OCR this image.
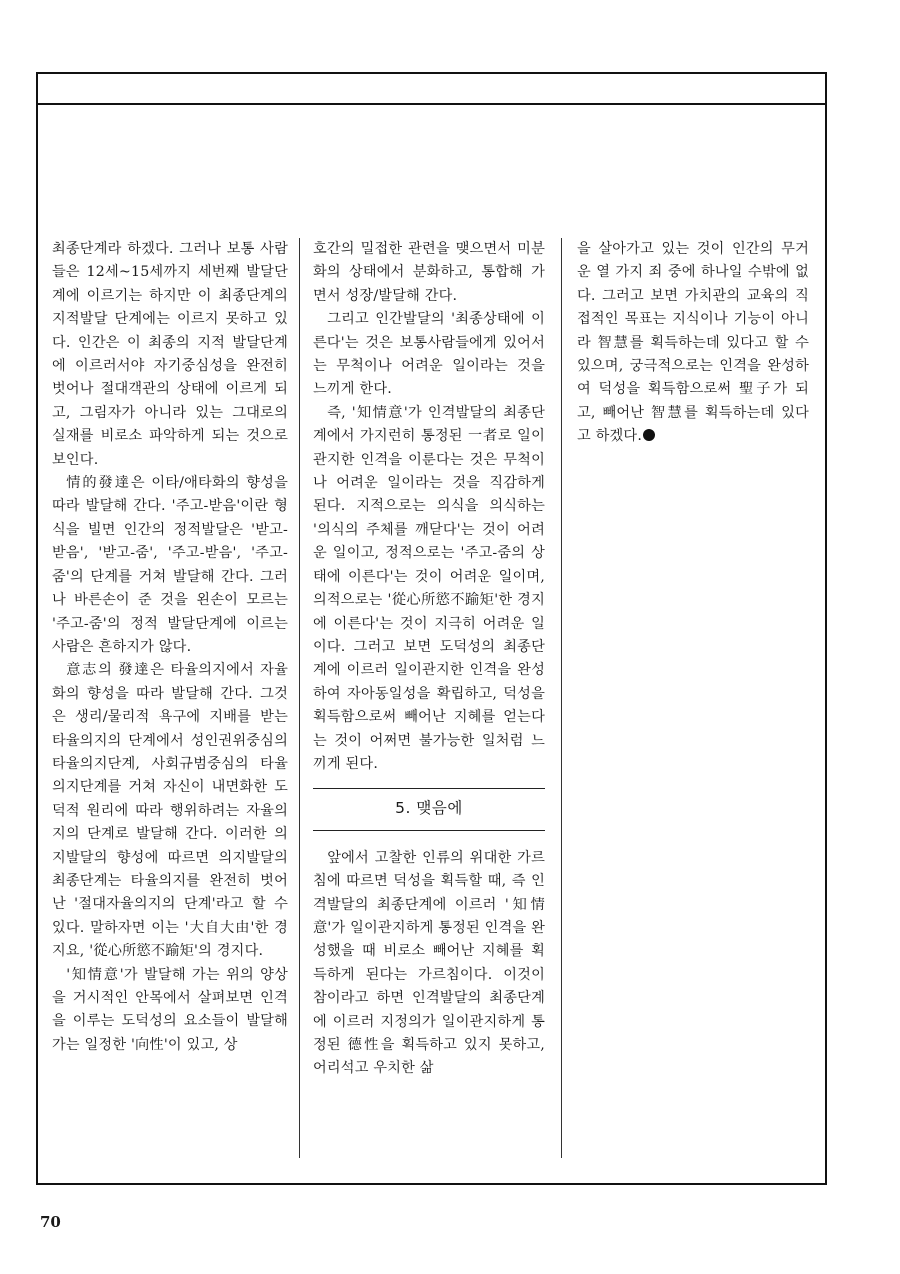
최종단계라 하겠다. 그러나 보통 사람들은 12세~15세까지 세번째 발달단계에 이르기는 하지만 이 최종단계의 지적발달 단계에는 이르지 못하고 있다. 인간은 이 최종의 지적 발달단계에 이르러서야 자기중심성을 완전히 벗어나 절대객관의 상태에 이르게 되고, 그림자가 아니라 있는 그대로의 실재를 비로소 파악하게 되는 것으로 보인다.

情的發達은 이타/애타화의 향성을 따라 발달해 간다. '주고-받음'이란 형식을 빌면 인간의 정적발달은 '받고-받음', '받고-줌', '주고-받음', '주고-줌'의 단계를 거쳐 발달해 간다. 그러나 바른손이 준 것을 왼손이 모르는 '주고-줌'의 정적 발달단계에 이르는 사람은 흔하지가 않다.

意志의 發達은 타율의지에서 자율화의 향성을 따라 발달해 간다. 그것은 생리/물리적 욕구에 지배를 받는 타율의지의 단계에서 성인권위중심의 타율의지단계, 사회규범중심의 타율의지단계를 거쳐 자신이 내면화한 도덕적 원리에 따라 행위하려는 자율의지의 단계로 발달해 간다. 이러한 의지발달의 향성에 따르면 의지발달의 최종단계는 타율의지를 완전히 벗어난 '절대자율의지의 단계'라고 할 수 있다. 말하자면 이는 '大自大由'한 경지요, '從心所慾不踰矩'의 경지다.

'知情意'가 발달해 가는 위의 양상을 거시적인 안목에서 살펴보면 인격을 이루는 도덕성의 요소들이 발달해 가는 일정한 '向性'이 있고, 상

호간의 밀접한 관련을 맺으면서 미분화의 상태에서 분화하고, 통합해 가면서 성장/발달해 간다.

그리고 인간발달의 '최종상태에 이른다'는 것은 보통사람들에게 있어서는 무척이나 어려운 일이라는 것을 느끼게 한다.

즉, '知情意'가 인격발달의 최종단계에서 가지런히 통정된 一者로 일이관지한 인격을 이룬다는 것은 무척이나 어려운 일이라는 것을 직감하게 된다. 지적으로는 의식을 의식하는 '의식의 주체를 깨닫다'는 것이 어려운 일이고, 정적으로는 '주고-줌의 상태에 이른다'는 것이 어려운 일이며, 의적으로는 '從心所慾不踰矩'한 경지에 이른다'는 것이 지극히 어려운 일이다. 그러고 보면 도덕성의 최종단계에 이르러 일이관지한 인격을 완성하여 자아동일성을 확립하고, 덕성을 획득함으로써 빼어난 지혜를 얻는다는 것이 어쩌면 불가능한 일처럼 느끼게 된다.

5. 맺음에

앞에서 고찰한 인류의 위대한 가르침에 따르면 덕성을 획득할 때, 즉 인격발달의 최종단계에 이르러 '知情意'가 일이관지하게 통정된 인격을 완성했을 때 비로소 빼어난 지혜를 획득하게 된다는 가르침이다. 이것이 참이라고 하면 인격발달의 최종단계에 이르러 지정의가 일이관지하게 통정된 德性을 획득하고 있지 못하고, 어리석고 우치한 삶

을 살아가고 있는 것이 인간의 무거운 열 가지 죄 중에 하나일 수밖에 없다. 그러고 보면 가치관의 교육의 직접적인 목표는 지식이나 기능이 아니라 智慧를 획득하는데 있다고 할 수 있으며, 궁극적으로는 인격을 완성하여 덕성을 획득함으로써 聖子가 되고, 빼어난 智慧를 획득하는데 있다고 하겠다.

70
